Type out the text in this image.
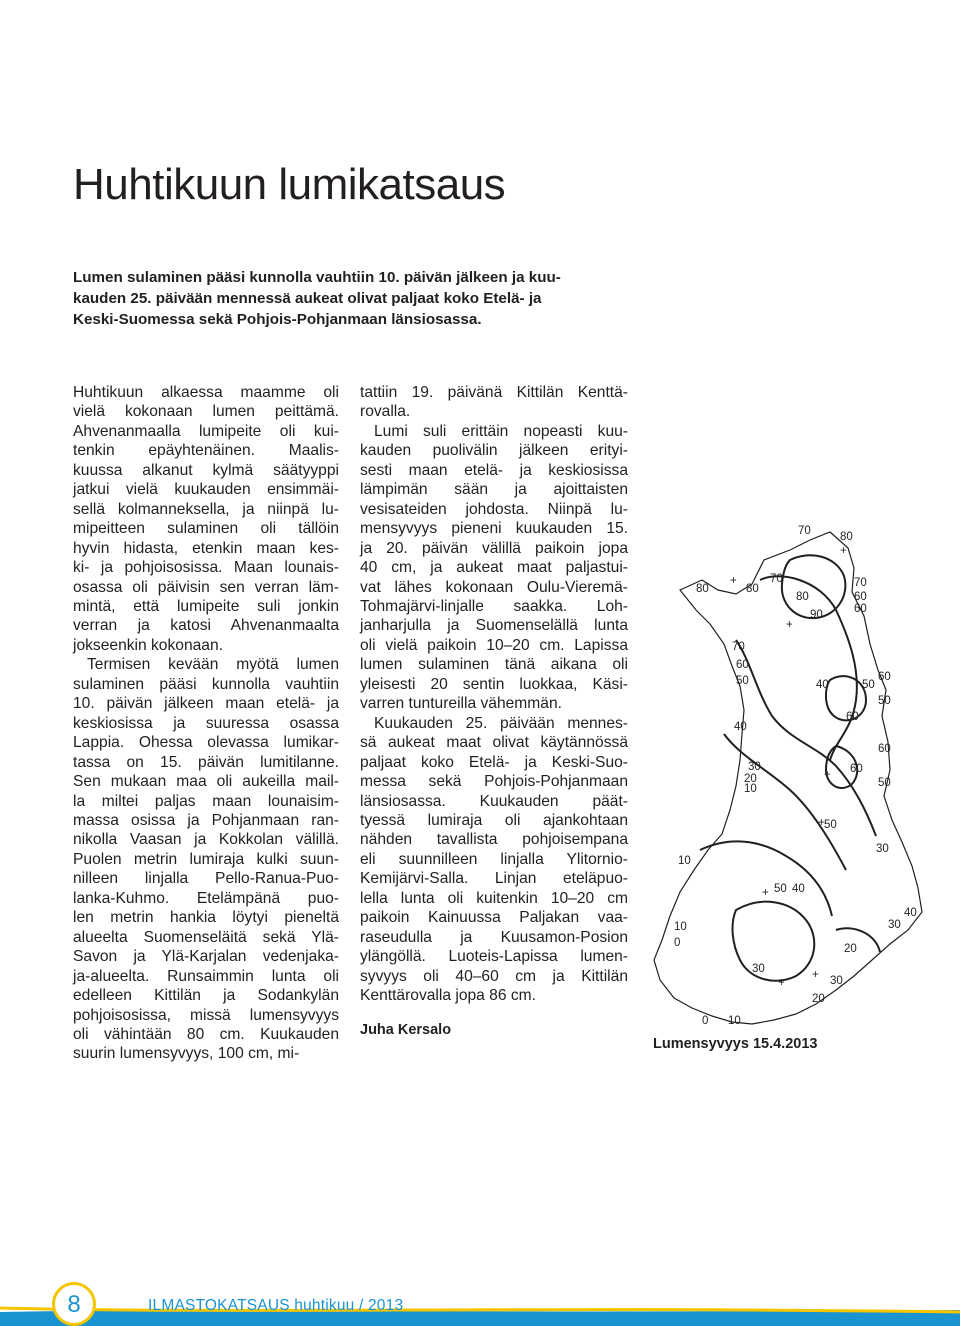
Huhtikuun lumikatsaus
Lumen sulaminen pääsi kunnolla vauhtiin 10. päivän jälkeen ja kuu-
kauden 25. päivään mennessä aukeat olivat paljaat koko Etelä- ja
Keski-Suomessa sekä Pohjois-Pohjanmaan länsiosassa.

Huhtikuun alkaessa maamme oli
vielä kokonaan lumen peittämä.
Ahvenanmaalla lumipeite oli kui-
tenkin epäyhtenäinen. Maalis-
kuussa alkanut kylmä säätyyppi
jatkui vielä kuukauden ensimmäi-
sellä kolmanneksella, ja niinpä lu-
mipeitteen sulaminen oli tällöin
hyvin hidasta, etenkin maan kes-
ki- ja pohjoisosissa. Maan lounais-
osassa oli päivisin sen verran läm-
mintä, että lumipeite suli jonkin
verran ja katosi Ahvenanmaalta
jokseenkin kokonaan.

Termisen kevään myötä lumen
sulaminen pääsi kunnolla vauhtiin
10. päivän jälkeen maan etelä- ja
keskiosissa ja suuressa osassa
Lappia. Ohessa olevassa lumikar-
tassa on 15. päivän lumitilanne.
Sen mukaan maa oli aukeilla mail-
la miltei paljas maan lounaisim-
massa osissa ja Pohjanmaan ran-
nikolla Vaasan ja Kokkolan välillä.
Puolen metrin lumiraja kulki suun-
nilleen linjalla Pello-Ranua-Puo-
lanka-Kuhmo. Etelämpänä puo-
len metrin hankia löytyi pieneltä
alueelta Suomenseläitä sekä Ylä-
Savon ja Ylä-Karjalan vedenjaka-
ja-alueelta. Runsaimmin lunta oli
edelleen Kittilän ja Sodankylän
pohjoisosissa, missä lumensyvyys
oli vähintään 80 cm. Kuukauden
suurin lumensyvyys, 100 cm, mi-

tattiin 19. päivänä Kittilän Kenttä-
rovalla.

Lumi suli erittäin nopeasti kuu-
kauden puolivälin jälkeen erityi-
sesti maan etelä- ja keskiosissa
lämpimän sään ja ajoittaisten
vesisateiden johdosta. Niinpä lu-
mensyvyys pieneni kuukauden 15.
ja 20. päivän välillä paikoin jopa
40 cm, ja aukeat maat paljastui-
vat lähes kokonaan Oulu-Vieremä-
Tohmajärvi-linjalle saakka. Loh-
janharjulla ja Suomenselällä lunta
oli vielä paikoin 10–20 cm. Lapissa
lumen sulaminen tänä aikana oli
yleisesti 20 sentin luokkaa, Käsi-
varren tuntureilla vähemmän.

Kuukauden 25. päivään mennes-
sä aukeat maat olivat käytännössä
paljaat koko Etelä- ja Keski-Suo-
messa sekä Pohjois-Pohjanmaan
länsiosassa. Kuukauden päät-
tyessä lumiraja oli ajankohtaan
nähden tavallista pohjoisempana
eli suunnilleen linjalla Ylitornio-
Kemijärvi-Salla. Linjan eteläpuo-
lella lunta oli kuitenkin 10–20 cm
paikoin Kainuussa Paljakan vaa-
raseudulla ja Kuusamon-Posion
ylängöllä. Luoteis-Lapissa lumen-
syvyys oli 40–60 cm ja Kittilän
Kenttärovalla jopa 86 cm.

Juha Kersalo
70	80
80	80
70
80
70
60
90	60
70
60
50	40
60
50
50
40
60
60
30
20
10
60
50
50
30
10
50 40
40
30
10
0	20
30
30
20
0 10
+
+
+
+
+
+
+
+
Lumensyvyys 15.4.2013
8	ILMASTOKATSAUS huhtikuu / 2013
